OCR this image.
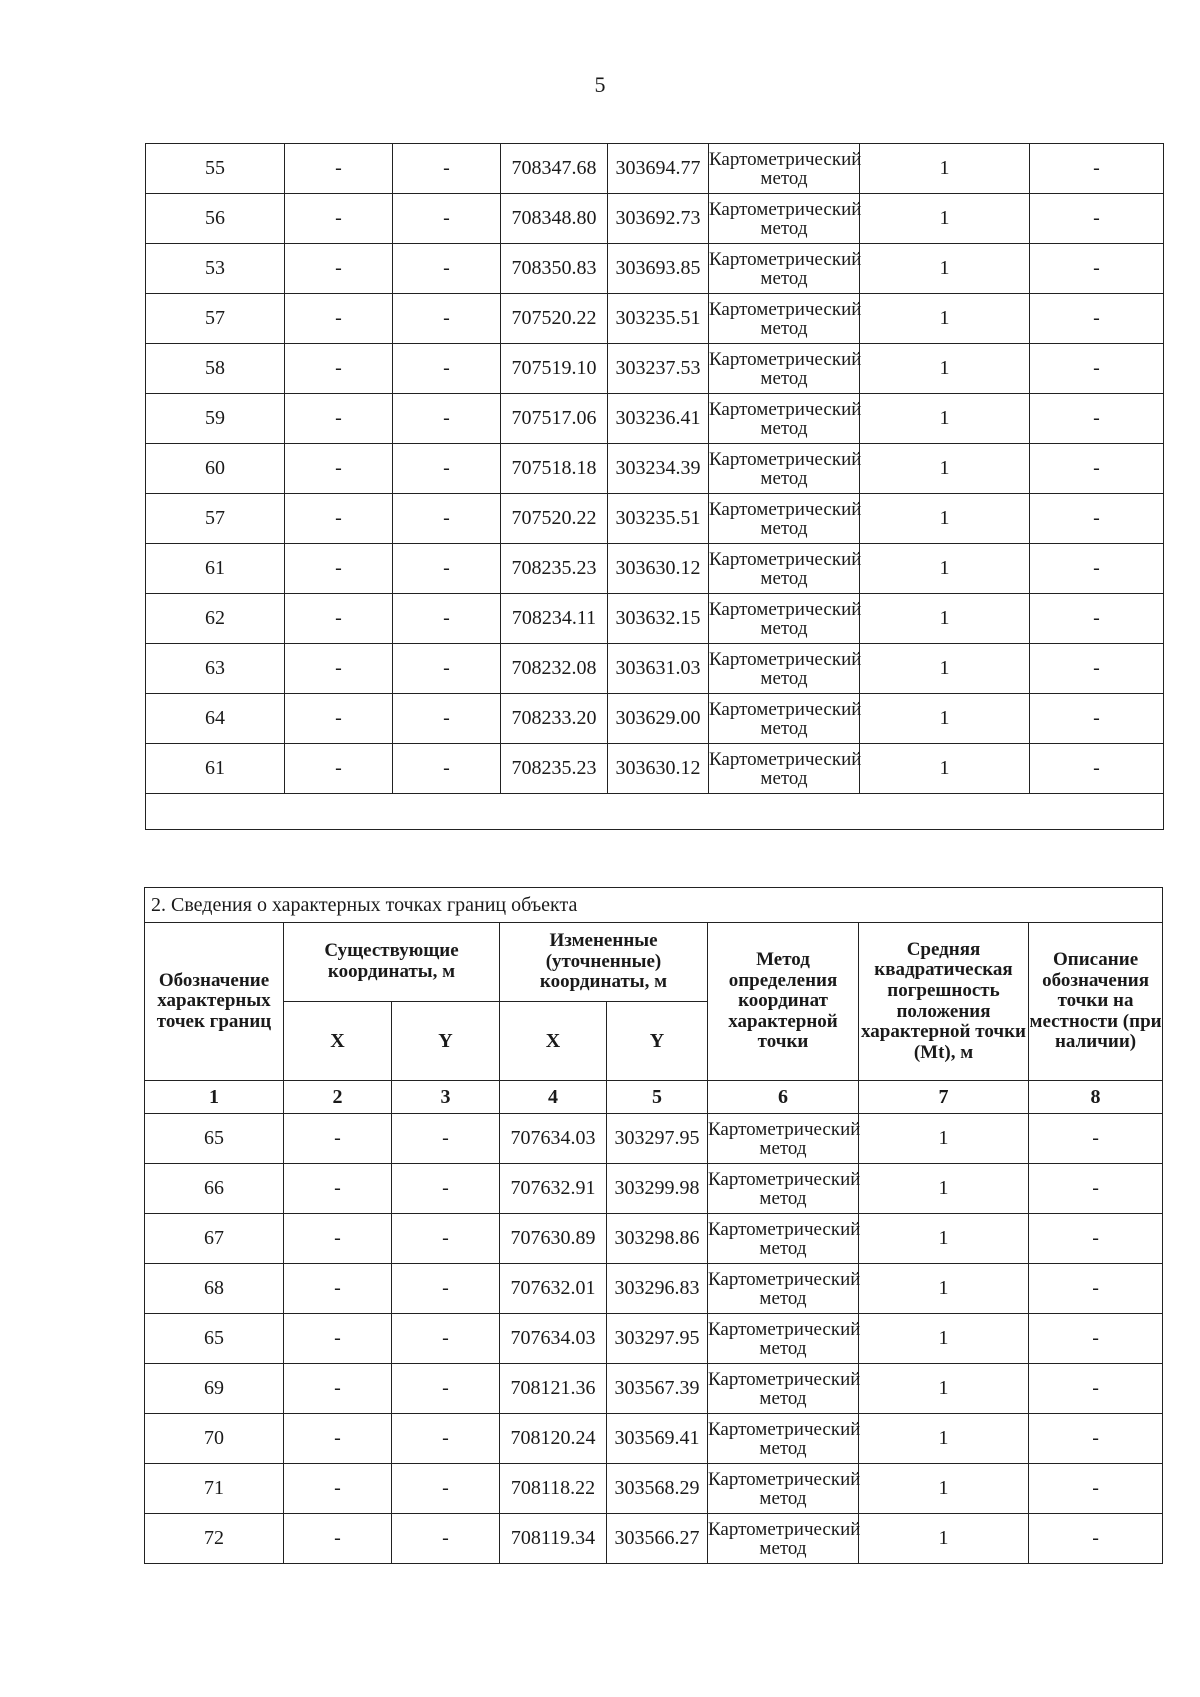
5
55	-	-	708347.68	303694.77	Картометрический метод	1	-
56	-	-	708348.80	303692.73	Картометрический метод	1	-
53	-	-	708350.83	303693.85	Картометрический метод	1	-
57	-	-	707520.22	303235.51	Картометрический метод	1	-
58	-	-	707519.10	303237.53	Картометрический метод	1	-
59	-	-	707517.06	303236.41	Картометрический метод	1	-
60	-	-	707518.18	303234.39	Картометрический метод	1	-
57	-	-	707520.22	303235.51	Картометрический метод	1	-
61	-	-	708235.23	303630.12	Картометрический метод	1	-
62	-	-	708234.11	303632.15	Картометрический метод	1	-
63	-	-	708232.08	303631.03	Картометрический метод	1	-
64	-	-	708233.20	303629.00	Картометрический метод	1	-
61	-	-	708235.23	303630.12	Картометрический метод	1	-

2. Сведения о характерных точках границ объекта							
Обозначение характерных точек границ	Существующие координаты, м		Измененные (уточненные) координаты, м		Метод определения координат характерной точки	Средняя квадратическая погрешность положения характерной точки (Mt), м	Описание обозначения точки на местности (при наличии)
	X	Y	X	Y			
1	2	3	4	5	6	7	8
65	-	-	707634.03	303297.95	Картометрический метод	1	-
66	-	-	707632.91	303299.98	Картометрический метод	1	-
67	-	-	707630.89	303298.86	Картометрический метод	1	-
68	-	-	707632.01	303296.83	Картометрический метод	1	-
65	-	-	707634.03	303297.95	Картометрический метод	1	-
69	-	-	708121.36	303567.39	Картометрический метод	1	-
70	-	-	708120.24	303569.41	Картометрический метод	1	-
71	-	-	708118.22	303568.29	Картометрический метод	1	-
72	-	-	708119.34	303566.27	Картометрический метод	1	-
